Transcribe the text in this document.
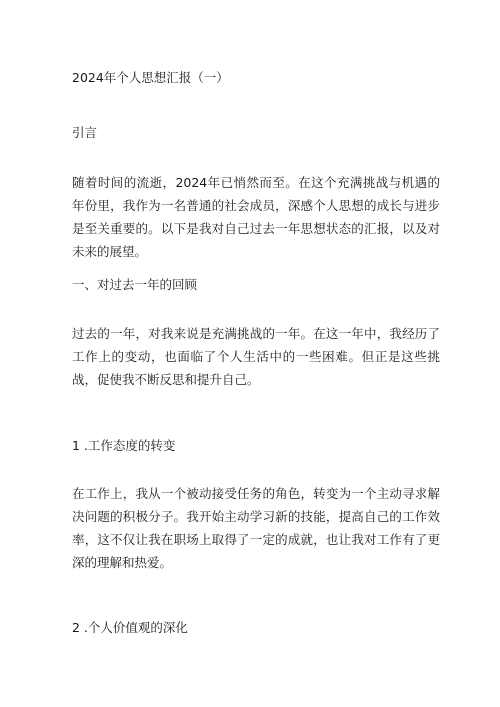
2024年个人思想汇报（一）
引言
随着时间的流逝，2024年已悄然而至。在这个充满挑战与机遇的年份里，我作为一名普通的社会成员，深感个人思想的成长与进步是至关重要的。以下是我对自己过去一年思想状态的汇报，以及对未来的展望。
一、对过去一年的回顾
过去的一年，对我来说是充满挑战的一年。在这一年中，我经历了工作上的变动，也面临了个人生活中的一些困难。但正是这些挑战，促使我不断反思和提升自己。
1 .工作态度的转变
在工作上，我从一个被动接受任务的角色，转变为一个主动寻求解决问题的积极分子。我开始主动学习新的技能，提高自己的工作效率，这不仅让我在职场上取得了一定的成就，也让我对工作有了更深的理解和热爱。
2 .个人价值观的深化
